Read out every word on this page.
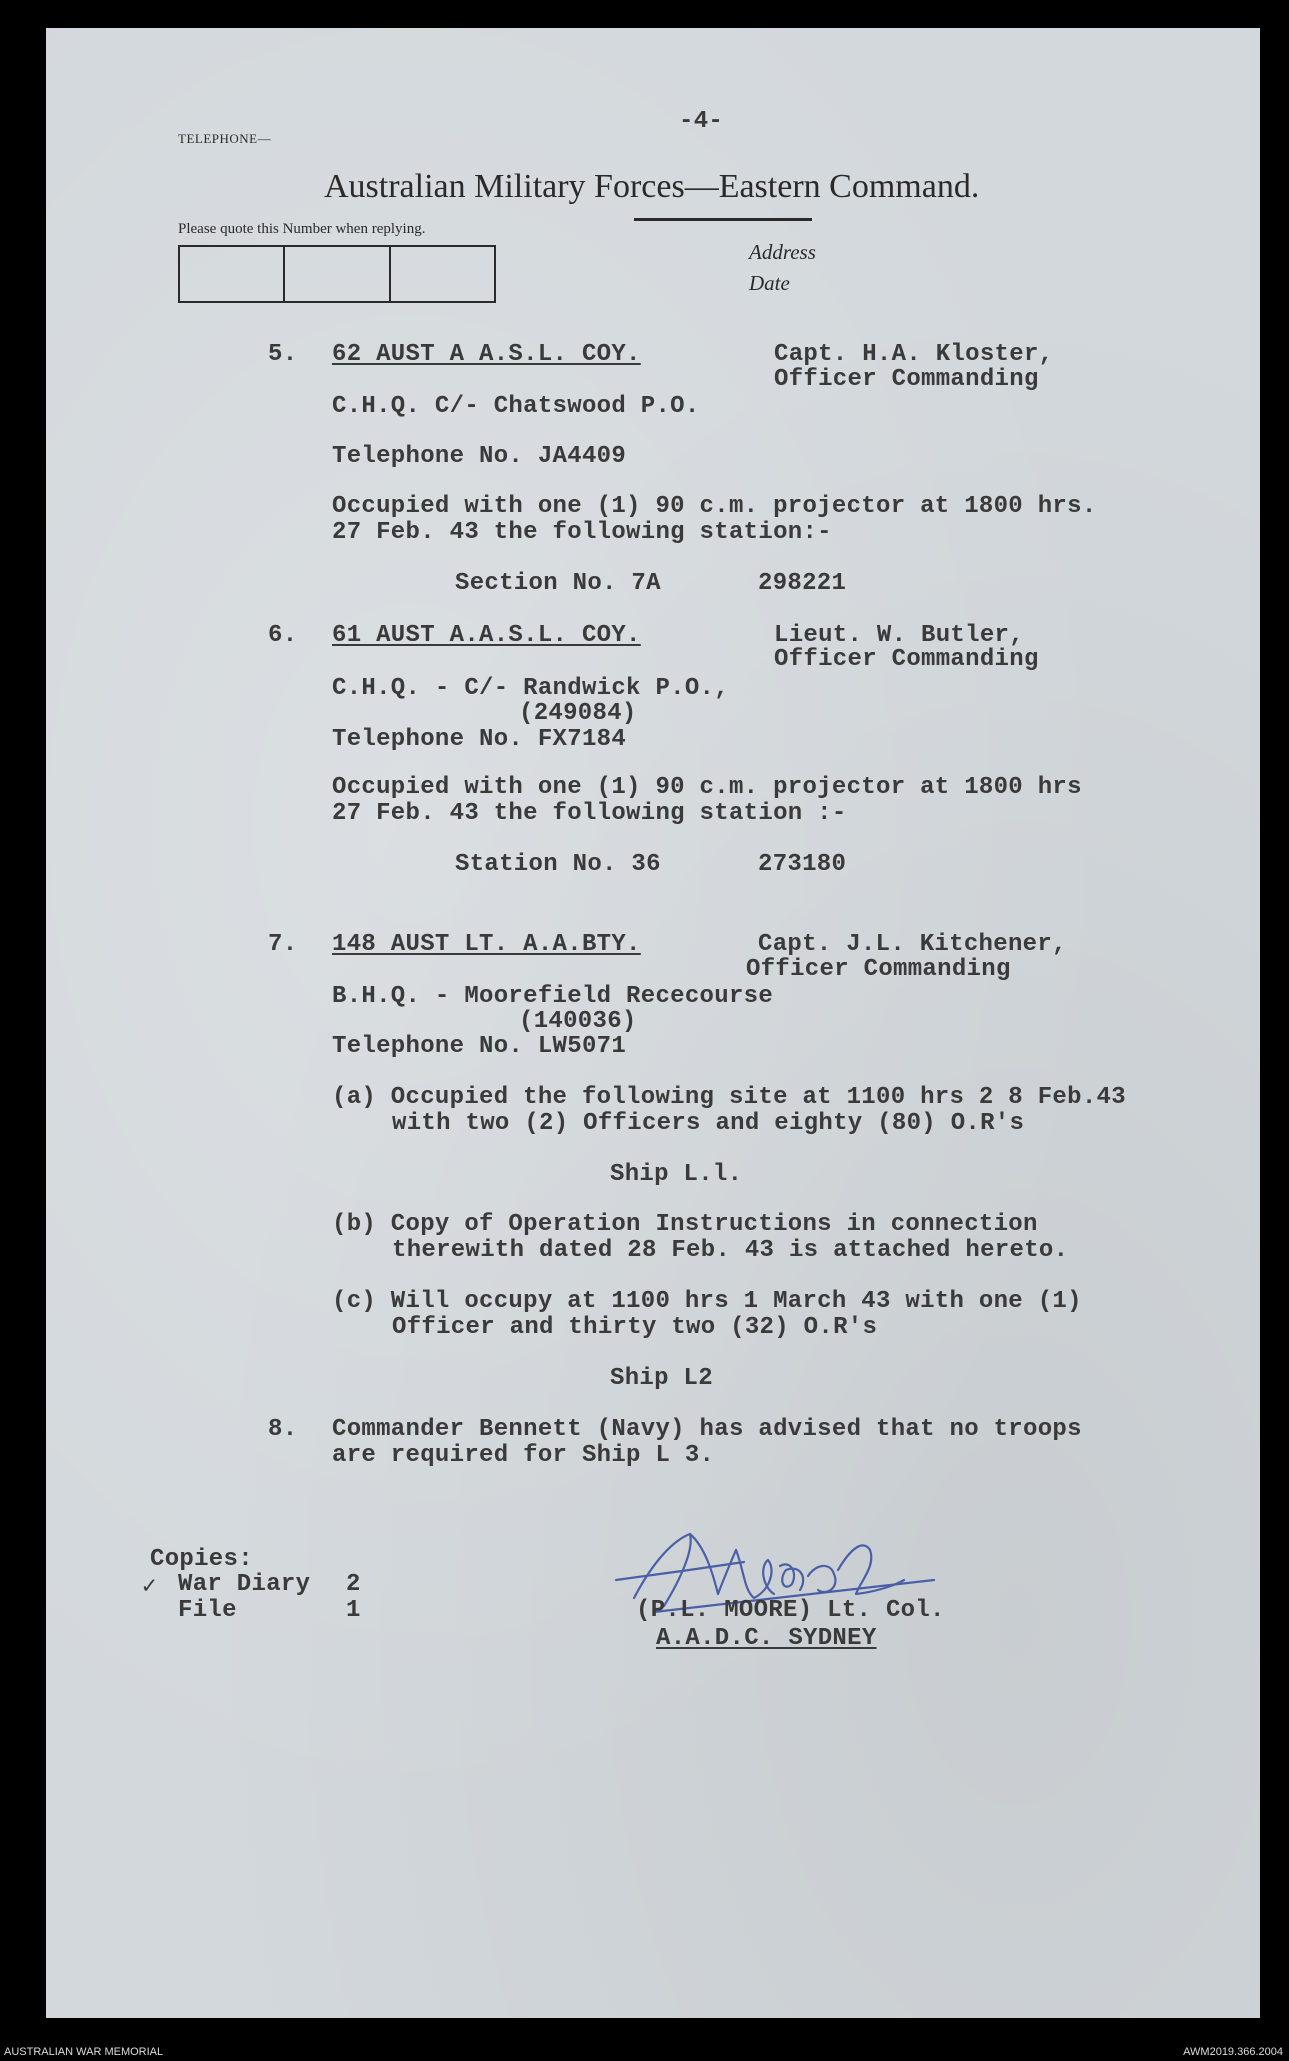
TELEPHONE—

-4-

Australian Military Forces—Eastern Command.

Please quote this Number when replying.

Address

Date

5. 62 AUST A A.S.L. COY.	Capt. H.A. Kloster,

Officer Commanding

C.H.Q. C/- Chatswood P.O.

Telephone No. JA4409

Occupied with one (1) 90 c.m. projector at 1800 hrs.

27 Feb. 43 the following station:-

Section No. 7A	298221

6. 61 AUST A.A.S.L. COY.	Lieut. W. Butler,

Officer Commanding

C.H.Q. - C/- Randwick P.O.,

(249084)

Telephone No. FX7184

Occupied with one (1) 90 c.m. projector at 1800 hrs

27 Feb. 43 the following station :-

Station No. 36	273180

7. 148 AUST LT. A.A.BTY.	Capt. J.L. Kitchener,

Officer Commanding

B.H.Q. - Moorefield Rececourse

(140036)

Telephone No. LW5071

(a) Occupied the following site at 1100 hrs 2 8 Feb.43

with two (2) Officers and eighty (80) O.R's

Ship L.l.

(b) Copy of Operation Instructions in connection

therewith dated 28 Feb. 43 is attached hereto.

(c) Will occupy at 1100 hrs 1 March 43 with one (1)

Officer and thirty two (32) O.R's

Ship L2

8. Commander Bennett (Navy) has advised that no troops

are required for Ship L 3.

Copies:

✓ War Diary 2

File	1	(P.L. MOORE) Lt. Col.

A.A.D.C. SYDNEY

AUSTRALIAN WAR MEMORIAL	AWM2019.366.2004
